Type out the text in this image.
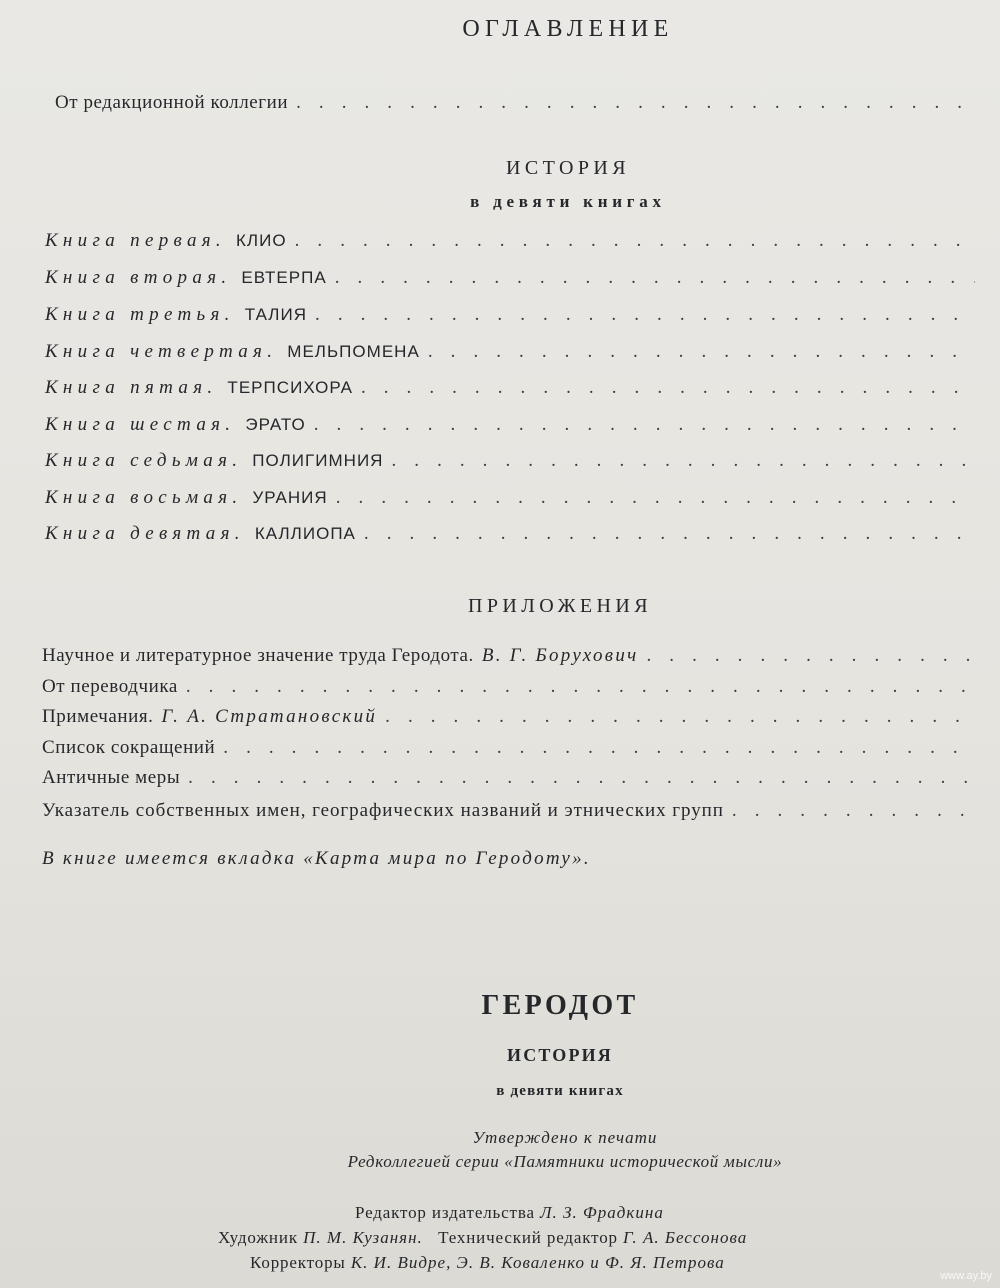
ОГЛАВЛЕНИЕ
От редакционной коллегии
. . .
ИСТОРИЯ
в девяти книгах
Книга первая. КЛИО
. . .
Книга вторая. ЕВТЕРПА
. . .
Книга третья. ТАЛИЯ
. . .
Книга четвертая. МЕЛЬПОМЕНА
. . .
Книга пятая. ТЕРПСИХОРА
. . .
Книга шестая. ЭРАТО
. . .
Книга седьмая. ПОЛИГИМНИЯ
. . .
Книга восьмая. УРАНИЯ
. . .
Книга девятая. КАЛЛИОПА
. . .
ПРИЛОЖЕНИЯ
Научное и литературное значение труда Геродота. В. Г. Борухович
. . .
От переводчика
. . .
Примечания. Г. А. Стратановский
. . .
Список сокращений
. . .
Античные меры
. . .
Указатель собственных имен, географических названий и этнических групп
. . .
В книге имеется вкладка «Карта мира по Геродоту».
ГЕРОДОТ
ИСТОРИЯ
в девяти книгах
Утверждено к печати
Редколлегией серии «Памятники исторической мысли»
Редактор издательства Л. З. Фрадкина
Художник П. М. Кузанян. Технический редактор Г. А. Бессонова
Корректоры К. И. Видре, Э. В. Коваленко и Ф. Я. Петрова
www.ay.by
